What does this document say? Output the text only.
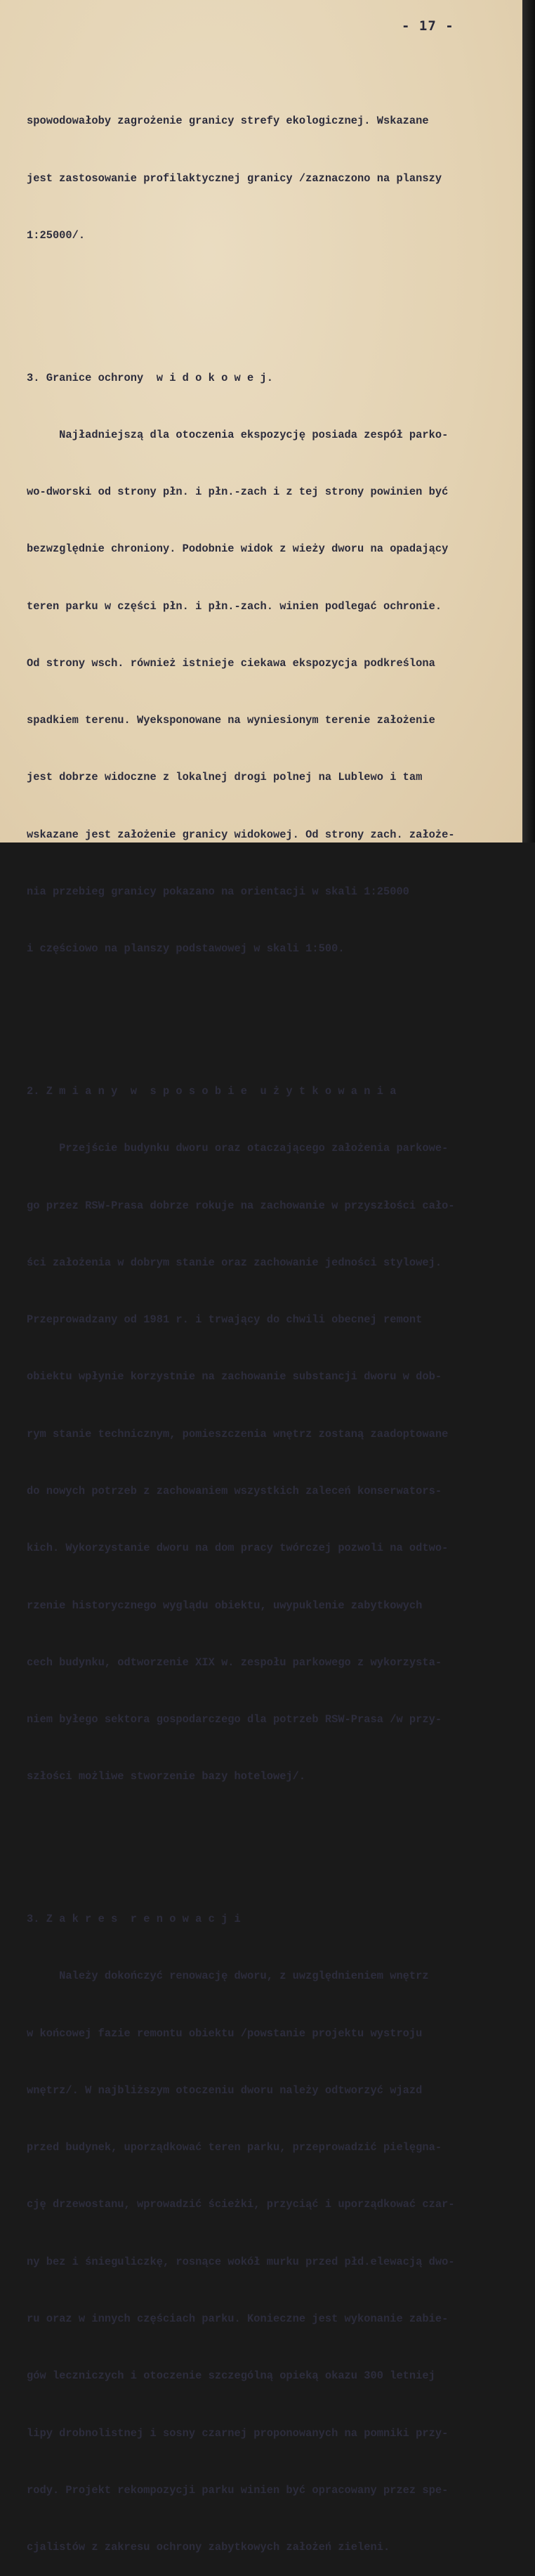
- 17 -

spowodowałoby zagrożenie granicy strefy ekologicznej. Wskazane

jest zastosowanie profilaktycznej granicy /zaznaczono na planszy

1:25000/.

3. Granice ochrony  w i d o k o w e j.

Najładniejszą dla otoczenia ekspozycję posiada zespół parko-

wo-dworski od strony płn. i płn.-zach i z tej strony powinien być

bezwzględnie chroniony. Podobnie widok z wieży dworu na opadający

teren parku w części płn. i płn.-zach. winien podlegać ochronie.

Od strony wsch. również istnieje ciekawa ekspozycja podkreślona

spadkiem terenu. Wyeksponowane na wyniesionym terenie założenie

jest dobrze widoczne z lokalnej drogi polnej na Lublewo i tam

wskazane jest założenie granicy widokowej. Od strony zach. założe-

nia przebieg granicy pokazano na orientacji w skali 1:25000

i częściowo na planszy podstawowej w skali 1:500.

2. Z m i a n y  w  s p o s o b i e  u ż y t k o w a n i a

Przejście budynku dworu oraz otaczającego założenia parkowe-

go przez RSW-Prasa dobrze rokuje na zachowanie w przyszłości cało-

ści założenia w dobrym stanie oraz zachowanie jedności stylowej.

Przeprowadzany od 1981 r. i trwający do chwili obecnej remont

obiektu wpłynie korzystnie na zachowanie substancji dworu w dob-

rym stanie technicznym, pomieszczenia wnętrz zostaną zaadoptowane

do nowych potrzeb z zachowaniem wszystkich zaleceń konserwators-

kich. Wykorzystanie dworu na dom pracy twórczej pozwoli na odtwo-

rzenie historycznego wyglądu obiektu, uwypuklenie zabytkowych

cech budynku, odtworzenie XIX w. zespołu parkowego z wykorzysta-

niem byłego sektora gospodarczego dla potrzeb RSW-Prasa /w przy-

szłości możliwe stworzenie bazy hotelowej/.

3. Z a k r e s  r e n o w a c j i

Należy dokończyć renowację dworu, z uwzględnieniem wnętrz

w końcowej fazie remontu obiektu /powstanie projektu wystroju

wnętrz/. W najbliższym otoczeniu dworu należy odtworzyć wjazd

przed budynek, uporządkować teren parku, przeprowadzić pielęgna-

cję drzewostanu, wprowadzić ścieżki, przyciąć i uporządkować czar-

ny bez i śnieguliczkę, rosnące wokół murku przed płd.elewacją dwo-

ru oraz w innych częściach parku. Konieczne jest wykonanie zabie-

gów leczniczych i otoczenie szczególną opieką okazu 300 letniej

lipy drobnolistnej i sosny czarnej proponowanych na pomniki przy-

rody. Projekt rekompozycji parku winien być opracowany przez spe-

cjalistów z zakresu ochrony zabytkowych założeń zieleni.
